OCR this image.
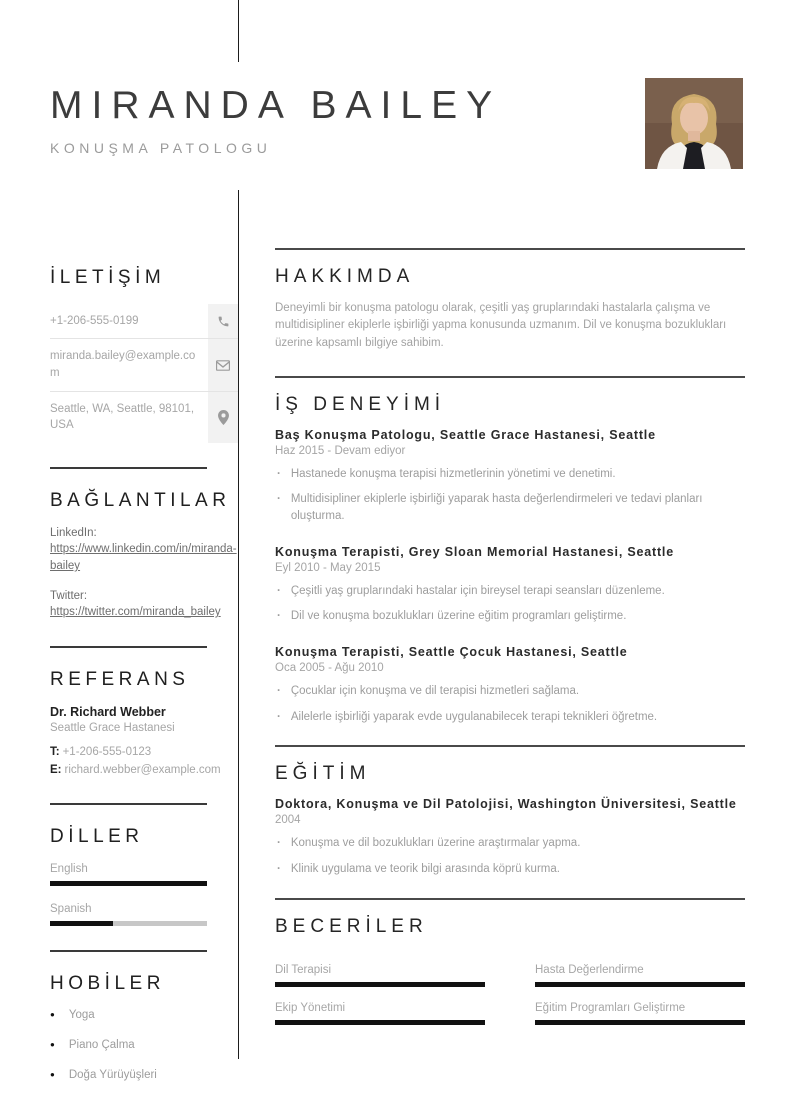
MIRANDA BAILEY
KONUŞMA PATOLOGU
İLETİŞİM
+1-206-555-0199
miranda.bailey@example.com
Seattle, WA, Seattle, 98101, USA
BAĞLANTILAR
LinkedIn:
https://www.linkedin.com/in/miranda-bailey
Twitter:
https://twitter.com/miranda_bailey
REFERANS
Dr. Richard Webber
Seattle Grace Hastanesi
T: +1-206-555-0123
E: richard.webber@example.com
DİLLER
English
Spanish
HOBİLER
● Yoga
● Piano Çalma
● Doğa Yürüyüşleri
HAKKIMDA

Deneyimli bir konuşma patologu olarak, çeşitli yaş gruplarındaki hastalarla çalışma ve multidisipliner ekiplerle işbirliği yapma konusunda uzmanım. Dil ve konuşma bozuklukları üzerine kapsamlı bilgiye sahibim.

İŞ DENEYİMİ
Baş Konuşma Patologu, Seattle Grace Hastanesi, Seattle
Haz 2015 - Devam ediyor
· Hastanede konuşma terapisi hizmetlerinin yönetimi ve denetimi.
· Multidisipliner ekiplerle işbirliği yaparak hasta değerlendirmeleri ve tedavi planları oluşturma.
Konuşma Terapisti, Grey Sloan Memorial Hastanesi, Seattle
Eyl 2010 - May 2015
· Çeşitli yaş gruplarındaki hastalar için bireysel terapi seansları düzenleme.
· Dil ve konuşma bozuklukları üzerine eğitim programları geliştirme.
Konuşma Terapisti, Seattle Çocuk Hastanesi, Seattle
Oca 2005 - Ağu 2010
· Çocuklar için konuşma ve dil terapisi hizmetleri sağlama.
· Ailelerle işbirliği yaparak evde uygulanabilecek terapi teknikleri öğretme.
EĞİTİM
Doktora, Konuşma ve Dil Patolojisi, Washington Üniversitesi, Seattle
2004
· Konuşma ve dil bozuklukları üzerine araştırmalar yapma.
· Klinik uygulama ve teorik bilgi arasında köprü kurma.
BECERİLER
Dil Terapisi	Hasta Değerlendirme
Ekip Yönetimi	Eğitim Programları Geliştirme
